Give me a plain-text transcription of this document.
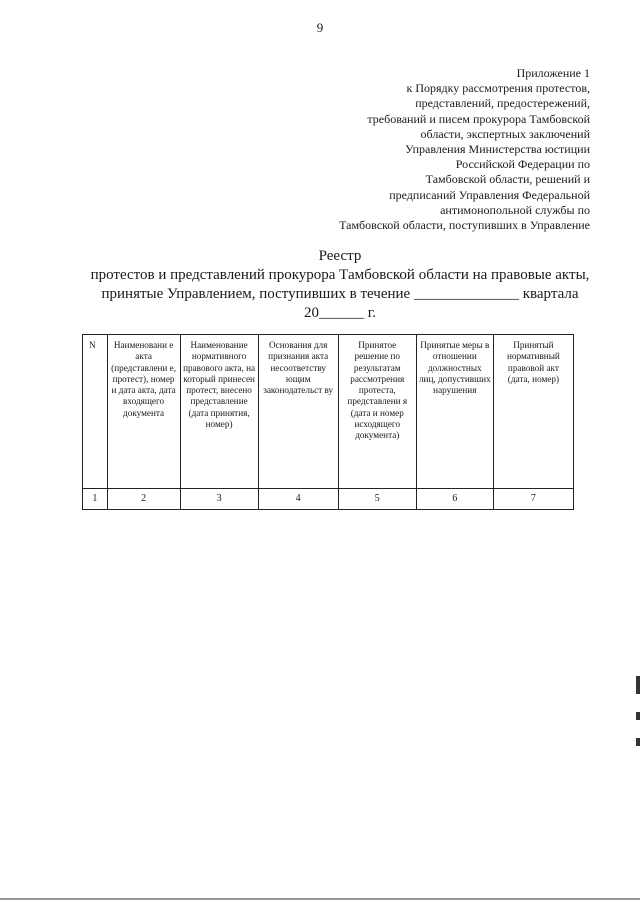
9
Приложение 1
к Порядку рассмотрения протестов,
представлений, предостережений,
требований и писем прокурора Тамбовской
области, экспертных заключений
Управления Министерства юстиции
Российской Федерации по
Тамбовской области, решений и
предписаний Управления Федеральной
антимонопольной службы по
Тамбовской области, поступивших в Управление
Реестр
протестов и представлений прокурора Тамбовской области на правовые акты,
принятые Управлением, поступивших в течение ______________ квартала
20______ г.
N	Наименовани е акта (представлени е, протест), номер и дата акта, дата входящего документа	Наименование нормативного правового акта, на который принесен протест, внесено представление (дата принятия, номер)	Основания для признания акта несоответству ющим законодательст ву	Принятое решение по результатам рассмотрения протеста, представлени я (дата и номер исходящего документа)	Принятые меры в отношении должностных лиц, допустивших нарушения	Принятый нормативный правовой акт (дата, номер)
1	2	3	4	5	6	7
